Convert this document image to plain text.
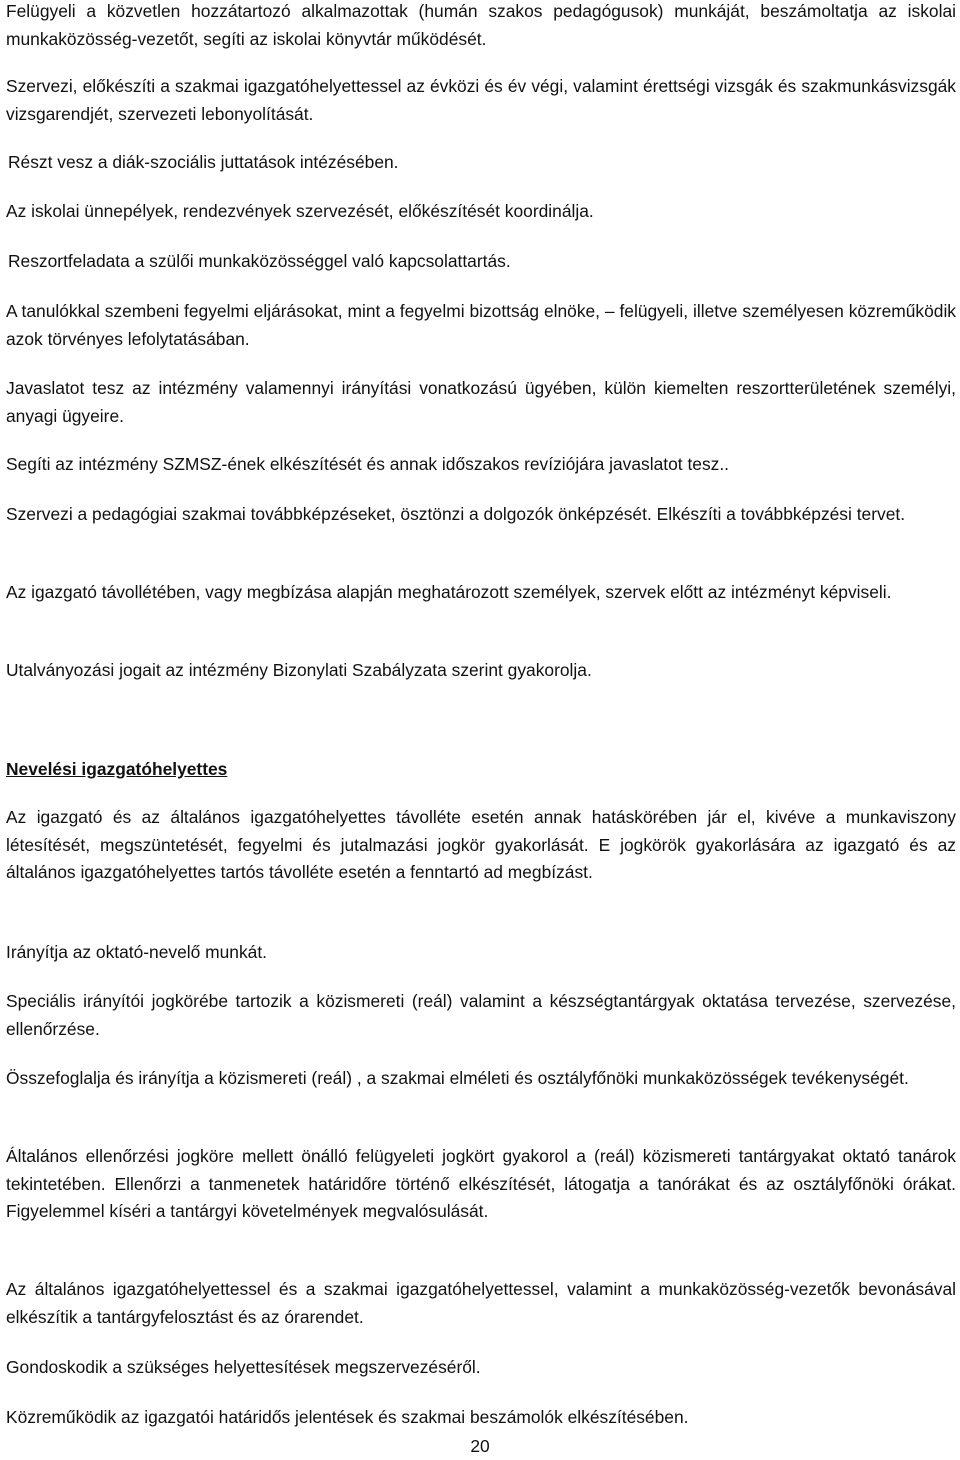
Felügyeli a közvetlen hozzátartozó alkalmazottak (humán szakos pedagógusok) munkáját, beszámoltatja az iskolai munkaközösség-vezetőt, segíti az iskolai könyvtár működését.

Szervezi, előkészíti a szakmai igazgatóhelyettessel az évközi és év végi, valamint érettségi vizsgák és szakmunkásvizsgák vizsgarendjét, szervezeti lebonyolítását.

Részt vesz a diák-szociális juttatások intézésében.

Az iskolai ünnepélyek, rendezvények szervezését, előkészítését koordinálja.

Reszortfeladata a szülői munkaközösséggel való kapcsolattartás.

A tanulókkal szembeni fegyelmi eljárásokat, mint a fegyelmi bizottság elnöke, – felügyeli, illetve személyesen közreműködik azok törvényes lefolytatásában.

Javaslatot tesz az intézmény valamennyi irányítási vonatkozású ügyében, külön kiemelten reszortterületének személyi, anyagi ügyeire.

Segíti az intézmény SZMSZ-ének elkészítését és annak időszakos revíziójára javaslatot tesz..

Szervezi a pedagógiai szakmai továbbképzéseket, ösztönzi a dolgozók önképzését. Elkészíti a továbbképzési tervet.

Az igazgató távollétében, vagy megbízása alapján meghatározott személyek, szervek előtt az intézményt képviseli.

Utalványozási jogait az intézmény Bizonylati Szabályzata szerint gyakorolja.

Nevelési igazgatóhelyettes

Az igazgató és az általános igazgatóhelyettes távolléte esetén annak hatáskörében jár el, kivéve a munkaviszony létesítését, megszüntetését, fegyelmi és jutalmazási jogkör gyakorlását. E jogkörök gyakorlására az igazgató és az általános igazgatóhelyettes tartós távolléte esetén a fenntartó ad megbízást.

Irányítja az oktató-nevelő munkát.

Speciális irányítói jogkörébe tartozik a közismereti (reál) valamint a készségtantárgyak oktatása tervezése, szervezése, ellenőrzése.

Összefoglalja és irányítja a közismereti (reál) , a szakmai elméleti és osztályfőnöki munkaközösségek tevékenységét.

Általános ellenőrzési jogköre mellett önálló felügyeleti jogkört gyakorol a (reál) közismereti tantárgyakat oktató tanárok tekintetében. Ellenőrzi a tanmenetek határidőre történő elkészítését, látogatja a tanórákat és az osztályfőnöki órákat. Figyelemmel kíséri a tantárgyi követelmények megvalósulását.

Az általános igazgatóhelyettessel és a szakmai igazgatóhelyettessel, valamint a munkaközösség-vezetők bevonásával elkészítik a tantárgyfelosztást és az órarendet.

Gondoskodik a szükséges helyettesítések megszervezéséről.

Közreműködik az igazgatói határidős jelentések és szakmai beszámolók elkészítésében.

20
